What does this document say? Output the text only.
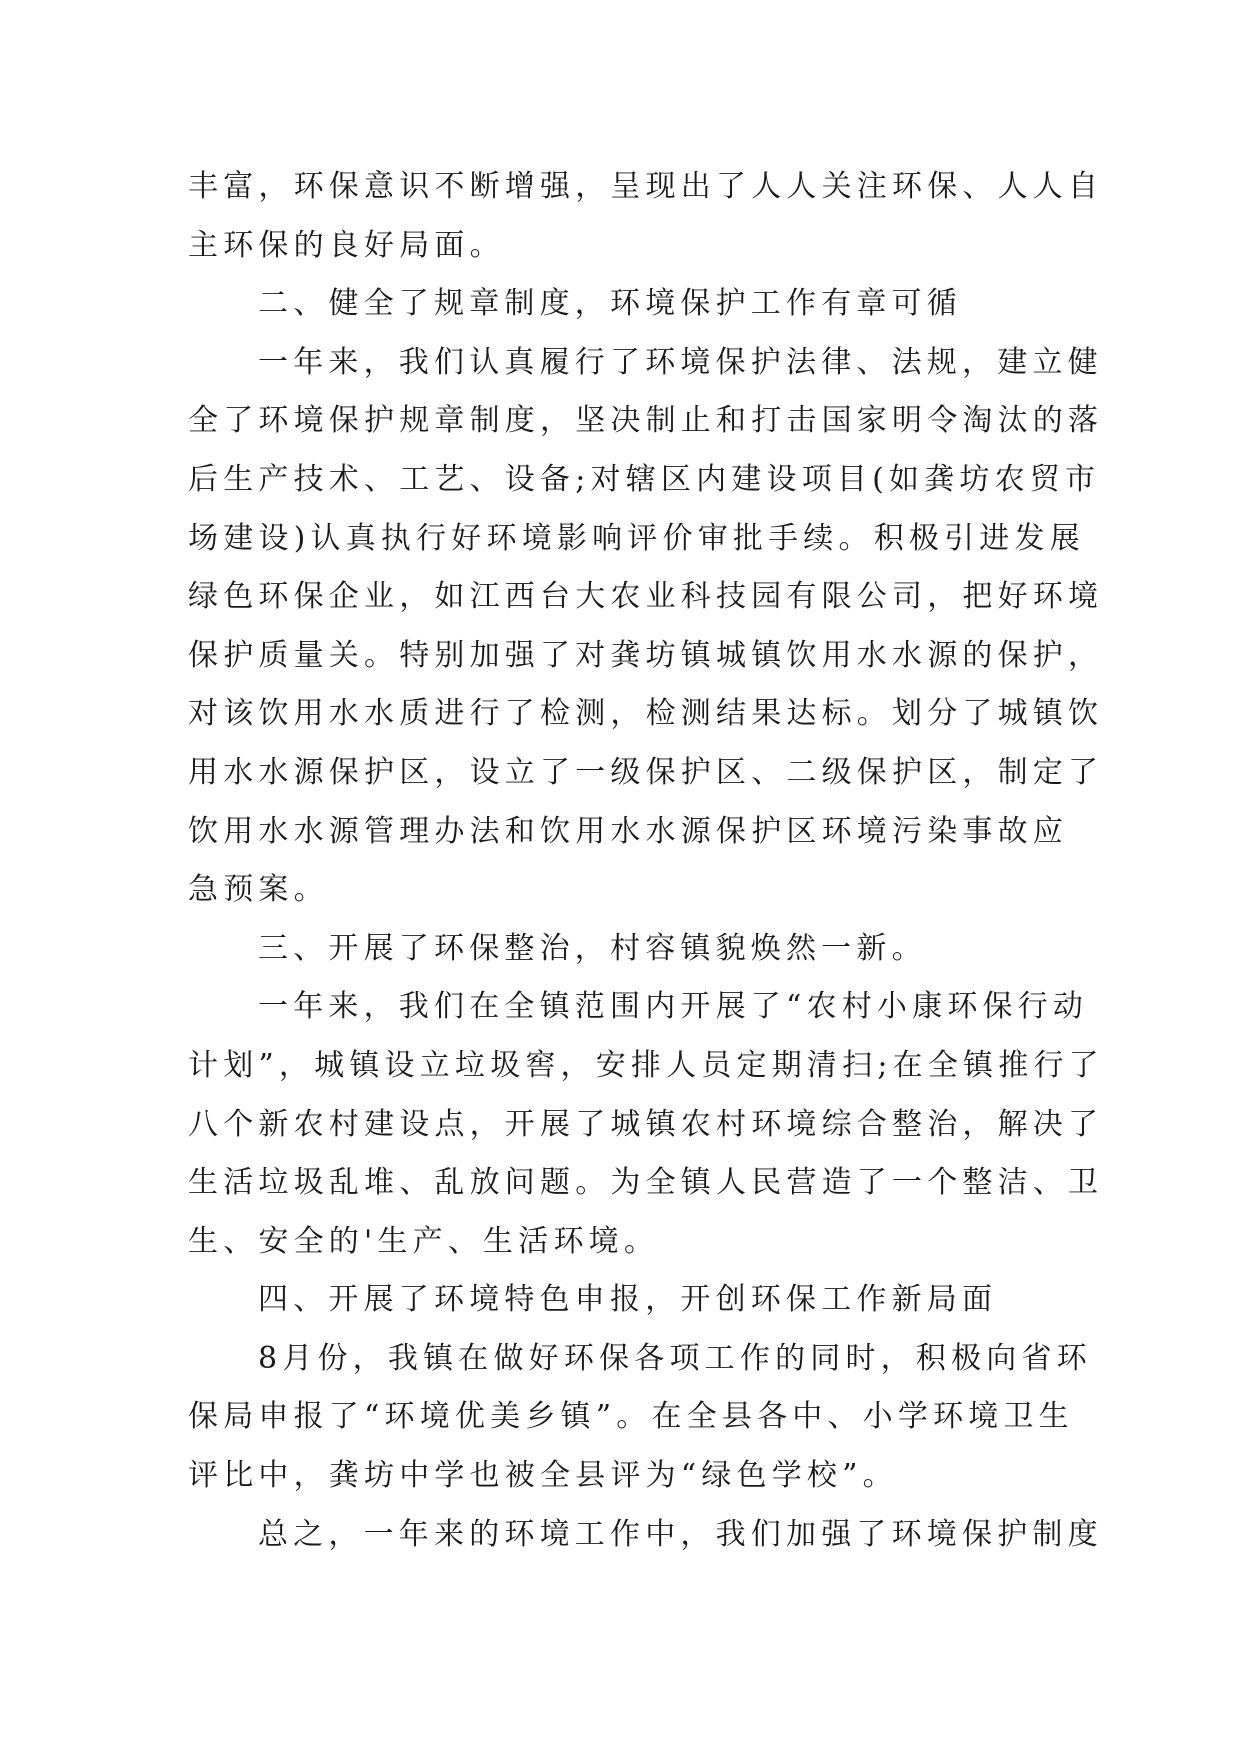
丰富，环保意识不断增强，呈现出了人人关注环保、人人自
主环保的良好局面。

二、健全了规章制度，环境保护工作有章可循

一年来，我们认真履行了环境保护法律、法规，建立健
全了环境保护规章制度，坚决制止和打击国家明令淘汰的落
后生产技术、工艺、设备;对辖区内建设项目(如龚坊农贸市
场建设)认真执行好环境影响评价审批手续。积极引进发展
绿色环保企业，如江西台大农业科技园有限公司，把好环境
保护质量关。特别加强了对龚坊镇城镇饮用水水源的保护，
对该饮用水水质进行了检测，检测结果达标。划分了城镇饮
用水水源保护区，设立了一级保护区、二级保护区，制定了
饮用水水源管理办法和饮用水水源保护区环境污染事故应
急预案。

三、开展了环保整治，村容镇貌焕然一新。

一年来，我们在全镇范围内开展了“农村小康环保行动
计划”，城镇设立垃圾窖，安排人员定期清扫;在全镇推行了
八个新农村建设点，开展了城镇农村环境综合整治，解决了
生活垃圾乱堆、乱放问题。为全镇人民营造了一个整洁、卫
生、安全的'生产、生活环境。

四、开展了环境特色申报，开创环保工作新局面

8月份，我镇在做好环保各项工作的同时，积极向省环
保局申报了“环境优美乡镇”。在全县各中、小学环境卫生
评比中，龚坊中学也被全县评为“绿色学校”。

总之，一年来的环境工作中，我们加强了环境保护制度
